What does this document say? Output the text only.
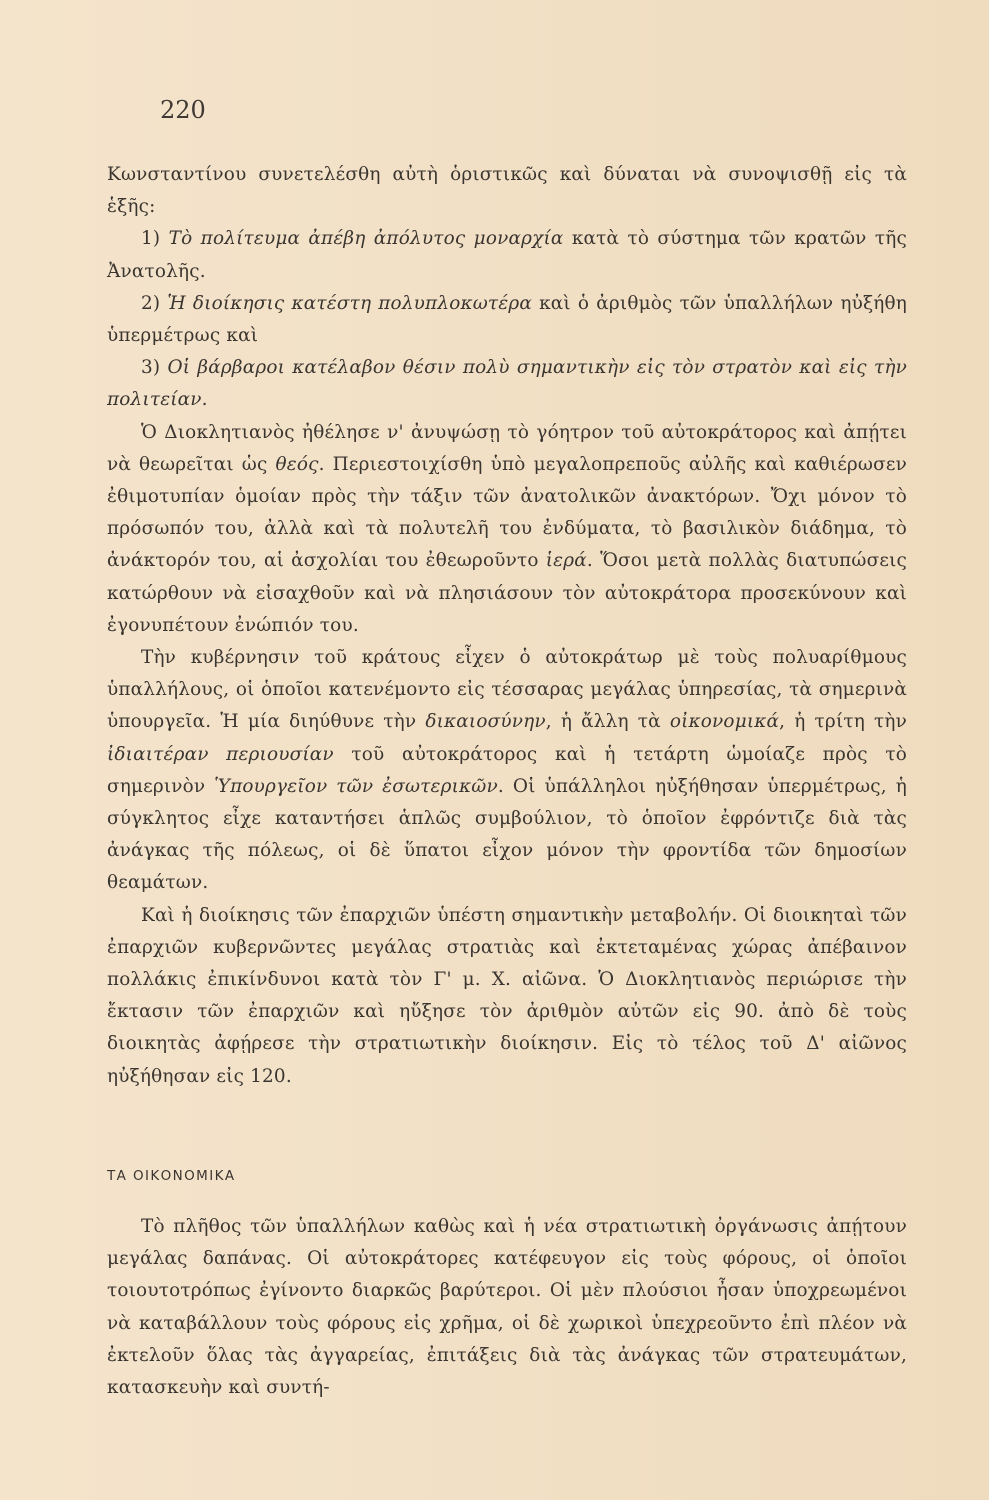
220

Κωνσταντίνου συνετελέσθη αὐτὴ ὁριστικῶς καὶ δύναται νὰ συνοψισθῇ εἰς τὰ ἑξῆς:

1) Τὸ πολίτευμα ἀπέβη ἀπόλυτος μοναρχία κατὰ τὸ σύστημα τῶν κρατῶν τῆς Ἀνατολῆς.

2) Ἡ διοίκησις κατέστη πολυπλοκωτέρα καὶ ὁ ἀριθμὸς τῶν ὑπαλλήλων ηὐξήθη ὑπερμέτρως καὶ

3) Οἱ βάρβαροι κατέλαβον θέσιν πολὺ σημαντικὴν εἰς τὸν στρατὸν καὶ εἰς τὴν πολιτείαν.

Ὁ Διοκλητιανὸς ἠθέλησε ν' ἀνυψώσῃ τὸ γόητρον τοῦ αὐτοκράτορος καὶ ἀπῄτει νὰ θεωρεῖται ὡς θεός. Περιεστοιχίσθη ὑπὸ μεγαλοπρεποῦς αὐλῆς καὶ καθιέρωσεν ἐθιμοτυπίαν ὁμοίαν πρὸς τὴν τάξιν τῶν ἀνατολικῶν ἀνακτόρων. Ὄχι μόνον τὸ πρόσωπόν του, ἀλλὰ καὶ τὰ πολυτελῆ του ἐνδύματα, τὸ βασιλικὸν διάδημα, τὸ ἀνάκτορόν του, αἱ ἀσχολίαι του ἐθεωροῦντο ἱερά. Ὅσοι μετὰ πολλὰς διατυπώσεις κατώρθουν νὰ εἰσαχθοῦν καὶ νὰ πλησιάσουν τὸν αὐτοκράτορα προσεκύνουν καὶ ἐγονυπέτουν ἐνώπιόν του.

Τὴν κυβέρνησιν τοῦ κράτους εἶχεν ὁ αὐτοκράτωρ μὲ τοὺς πολυαρίθμους ὑπαλλήλους, οἱ ὁποῖοι κατενέμοντο εἰς τέσσαρας μεγάλας ὑπηρεσίας, τὰ σημερινὰ ὑπουργεῖα. Ἡ μία διηύθυνε τὴν δικαιοσύνην, ἡ ἄλλη τὰ οἰκονομικά, ἡ τρίτη τὴν ἰδιαιτέραν περιουσίαν τοῦ αὐτοκράτορος καὶ ἡ τετάρτη ὡμοίαζε πρὸς τὸ σημερινὸν Ὑπουργεῖον τῶν ἐσωτερικῶν. Οἱ ὑπάλληλοι ηὐξήθησαν ὑπερμέτρως, ἡ σύγκλητος εἶχε καταντήσει ἁπλῶς συμβούλιον, τὸ ὁποῖον ἐφρόντιζε διὰ τὰς ἀνάγκας τῆς πόλεως, οἱ δὲ ὕπατοι εἶχον μόνον τὴν φροντίδα τῶν δημοσίων θεαμάτων.

Καὶ ἡ διοίκησις τῶν ἐπαρχιῶν ὑπέστη σημαντικὴν μεταβολήν. Οἱ διοικηταὶ τῶν ἐπαρχιῶν κυβερνῶντες μεγάλας στρατιὰς καὶ ἐκτεταμένας χώρας ἀπέβαινον πολλάκις ἐπικίνδυνοι κατὰ τὸν Γ' μ. Χ. αἰῶνα. Ὁ Διοκλητιανὸς περιώρισε τὴν ἔκτασιν τῶν ἐπαρχιῶν καὶ ηὔξησε τὸν ἀριθμὸν αὐτῶν εἰς 90. ἀπὸ δὲ τοὺς διοικητὰς ἀφῄρεσε τὴν στρατιωτικὴν διοίκησιν. Εἰς τὸ τέλος τοῦ Δ' αἰῶνος ηὐξήθησαν εἰς 120.

ΤΑ ΟΙΚΟΝΟΜΙΚΑ

Τὸ πλῆθος τῶν ὑπαλλήλων καθὼς καὶ ἡ νέα στρατιωτικὴ ὀργάνωσις ἀπῄτουν μεγάλας δαπάνας. Οἱ αὐτοκράτορες κατέφευγον εἰς τοὺς φόρους, οἱ ὁποῖοι τοιουτοτρόπως ἐγίνοντο διαρκῶς βαρύτεροι. Οἱ μὲν πλούσιοι ἦσαν ὑποχρεωμένοι νὰ καταβάλλουν τοὺς φόρους εἰς χρῆμα, οἱ δὲ χωρικοὶ ὑπεχρεοῦντο ἐπὶ πλέον νὰ ἐκτελοῦν ὅλας τὰς ἀγγαρείας, ἐπιτάξεις διὰ τὰς ἀνάγκας τῶν στρατευμάτων, κατασκευὴν καὶ συντή-
